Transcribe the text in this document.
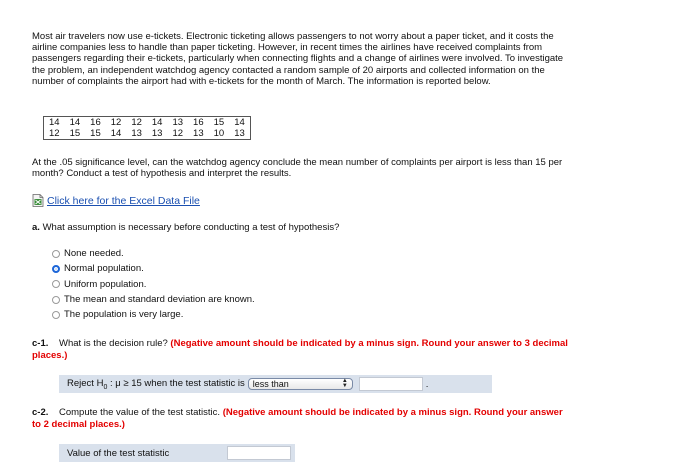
Most air travelers now use e-tickets. Electronic ticketing allows passengers to not worry about a paper ticket, and it costs the airline companies less to handle than paper ticketing. However, in recent times the airlines have received complaints from passengers regarding their e-tickets, particularly when connecting flights and a change of airlines were involved. To investigate the problem, an independent watchdog agency contacted a random sample of 20 airports and collected information on the number of complaints the airport had with e-tickets for the month of March. The information is reported below.
14	14	16	12	12	14	13	16	15	14
12	15	15	14	13	13	12	13	10	13
At the .05 significance level, can the watchdog agency conclude the mean number of complaints per airport is less than 15 per month? Conduct a test of hypothesis and interpret the results.
Click here for the Excel Data File
a. What assumption is necessary before conducting a test of hypothesis?
None needed.
Normal population.
Uniform population.
The mean and standard deviation are known.
The population is very large.
c-1. What is the decision rule? (Negative amount should be indicated by a minus sign. Round your answer to 3 decimal places.)
Reject $H_0$ : μ ≥ 15 when the test statistic is less than	▲
▼	.
c-2. Compute the value of the test statistic. (Negative amount should be indicated by a minus sign. Round your answer to 2 decimal places.)
Value of the test statistic
